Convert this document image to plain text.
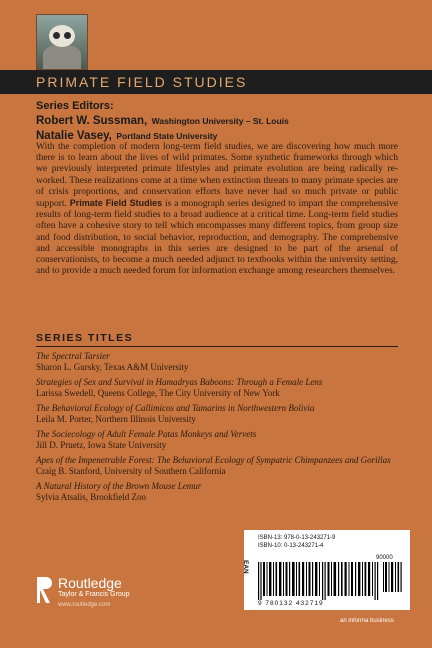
PRIMATE FIELD STUDIES
Series Editors:
Robert W. Sussman, Washington University – St. Louis
Natalie Vasey, Portland State University
With the completion of modern long-term field studies, we are discovering how much more there is to learn about the lives of wild primates. Some synthetic frameworks through which we previously interpreted primate lifestyles and primate evolution are being radically re-worked. These realizations come at a time when extinction threats to many primate species are of crisis proportions, and conservation efforts have never had so much private or public support. Primate Field Studies is a monograph series designed to impart the comprehensive results of long-term field studies to a broad audience at a critical time. Long-term field studies often have a cohesive story to tell which encompasses many different topics, from group size and food distribution, to social behavior, reproduction, and demography. The comprehensive and accessible monographs in this series are designed to be part of the arsenal of conservationists, to become a much needed adjunct to textbooks within the university setting, and to provide a much needed forum for information exchange among researchers themselves.
SERIES TITLES
The Spectral Tarsier
Sharon L. Gursky, Texas A&M University
Strategies of Sex and Survival in Hamadryas Baboons: Through a Female Lens
Larissa Swedell, Queens College, The City University of New York
The Behavioral Ecology of Callimicos and Tamarins in Northwestern Bolivia
Leila M. Porter, Northern Illinois University
The Sociecology of Adult Female Patas Monkeys and Vervets
Jill D. Pruetz, Iowa State University
Apes of the Impenetrable Forest: The Behavioral Ecology of Sympatric Chimpanzees and Gorillas
Craig B. Stanford, University of Southern California
A Natural History of the Brown Mouse Lemur
Sylvia Atsalis, Brookfield Zoo
ISBN-13: 978-0-13-243271-9
ISBN-10: 0-13-243271-4
EAN
90000
9 780132 432719
Routledge
Taylor & Francis Group
www.routledge.com
an informa business
